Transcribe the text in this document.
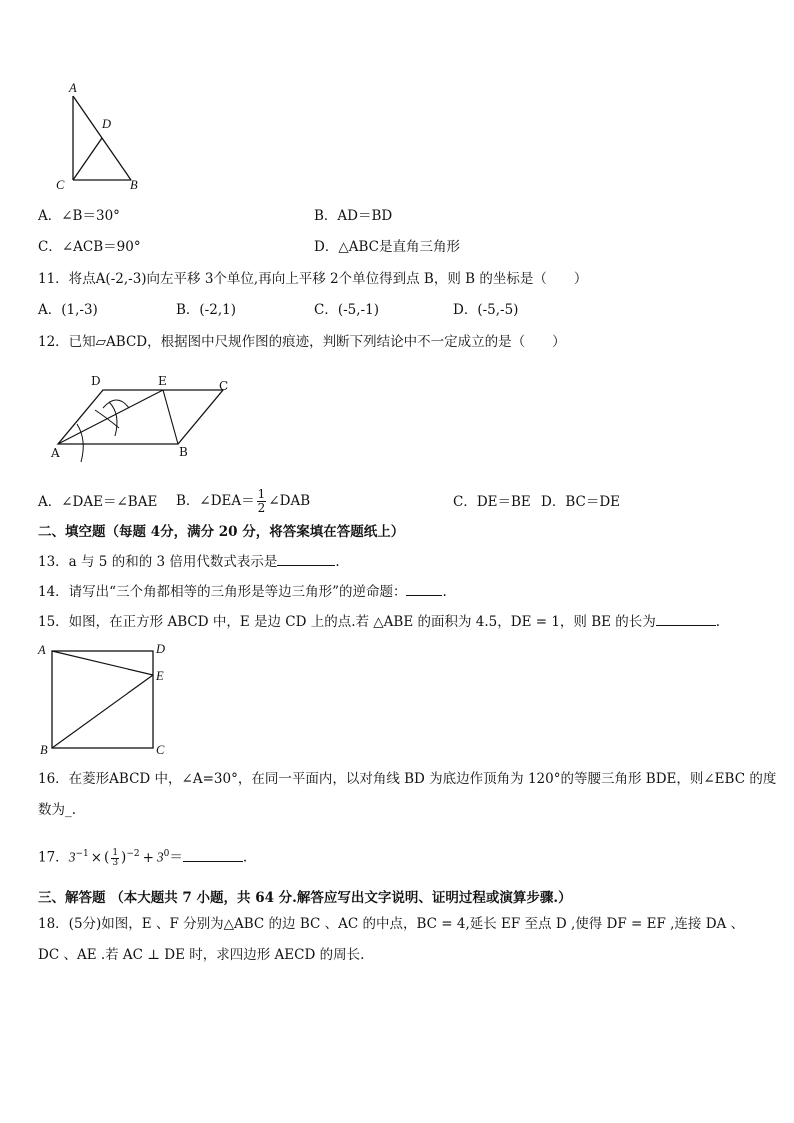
A
D
C	B
A．∠B＝30°	B．AD＝BD
C．∠ACB＝90°	D．△ABC是直角三角形
11．将点A(-2,-3)向左平移 3个单位,再向上平移 2个单位得到点 B，则 B 的坐标是（　　）
A．(1,-3)	B．(-2,1)	C．(-5,-1)	D．(-5,-5)
12．已知▱ABCD，根据图中尺规作图的痕迹，判断下列结论中不一定成立的是（　　）
D	E	C
A	B
A．∠DAE＝∠BAE B．∠DEA＝ $\frac{1}{2}$ ∠DAB	C．DE＝BE D．BC＝DE
二、填空题（每题 4分，满分 20 分，将答案填在答题纸上）
13．a 与 5 的和的 3 倍用代数式表示是	.
14．请写出“三个角都相等的三角形是等边三角形”的逆命题：	.
15．如图，在正方形 ABCD 中，E 是边 CD 上的点.若 △ABE 的面积为 4.5，DE = 1，则 BE 的长为	.
A	D
E
B	C
16．在菱形ABCD 中，∠A=30°，在同一平面内，以对角线 BD 为底边作顶角为 120°的等腰三角形 BDE，则∠EBC 的度
数为_.
17．$3^{-1}$ × ( $\frac{1}{3} )^{-2} + 3^0=$	.
三、解答题 （本大题共 7 小题，共 64 分.解答应写出文字说明、证明过程或演算步骤.）
18．(5分)如图，E 、F 分别为△ABC 的边 BC 、AC 的中点，BC = 4,延长 EF 至点 D ,使得 DF = EF ,连接 DA 、
DC 、AE .若 AC ⊥ DE 时，求四边形 AECD 的周长.
